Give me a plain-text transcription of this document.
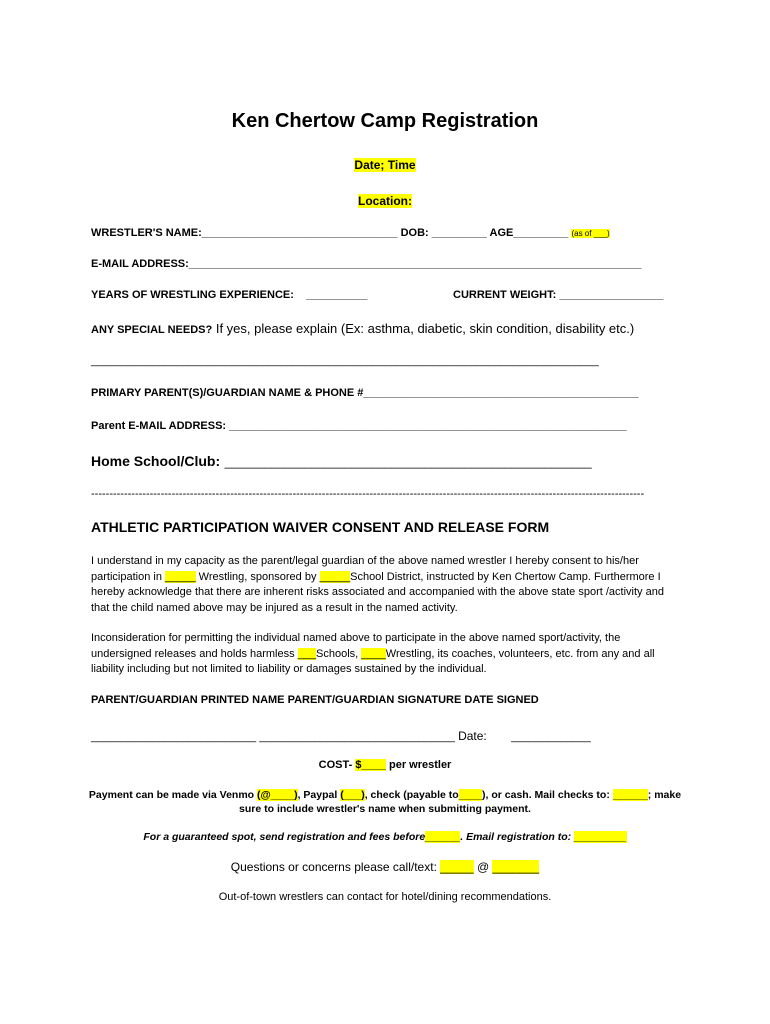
Ken Chertow Camp Registration
Date; Time
Location:
WRESTLER'S NAME:________________________________ DOB: _________ AGE_________ (as of ___)
E-MAIL ADDRESS:__________________________________________________________________________
YEARS OF WRESTLING EXPERIENCE: __________	CURRENT WEIGHT: _________________
ANY SPECIAL NEEDS? If yes, please explain (Ex: asthma, diabetic, skin condition, disability etc.)
___________________________________________________________________________________
PRIMARY PARENT(S)/GUARDIAN NAME & PHONE #_____________________________________________
Parent E-MAIL ADDRESS: _________________________________________________________________
Home School/Club: _______________________________________________________
-------------------------------------------------------------------------------------------------------------------------------------------------------
ATHLETIC PARTICIPATION WAIVER CONSENT AND RELEASE FORM
I understand in my capacity as the parent/legal guardian of the above named wrestler I hereby consent to his/her participation in _____ Wrestling, sponsored by _____School District, instructed by Ken Chertow Camp. Furthermore I hereby acknowledge that there are inherent risks associated and accompanied with the above state sport /activity and that the child named above may be injured as a result in the named activity.
Inconsideration for permitting the individual named above to participate in the above named sport/activity, the undersigned releases and holds harmless ___Schools, ____Wrestling, its coaches, volunteers, etc. from any and all liability including but not limited to liability or damages sustained by the individual.
PARENT/GUARDIAN PRINTED NAME PARENT/GUARDIAN SIGNATURE DATE SIGNED
___________________________ ________________________________ Date: _____________
COST- $____ per wrestler
Payment can be made via Venmo (@____), Paypal (___), check (payable to____), or cash. Mail checks to: ______; make
sure to include wrestler's name when submitting payment.
For a guaranteed spot, send registration and fees before______. Email registration to: _________
Questions or concerns please call/text: _____ @ _______
Out-of-town wrestlers can contact for hotel/dining recommendations.
